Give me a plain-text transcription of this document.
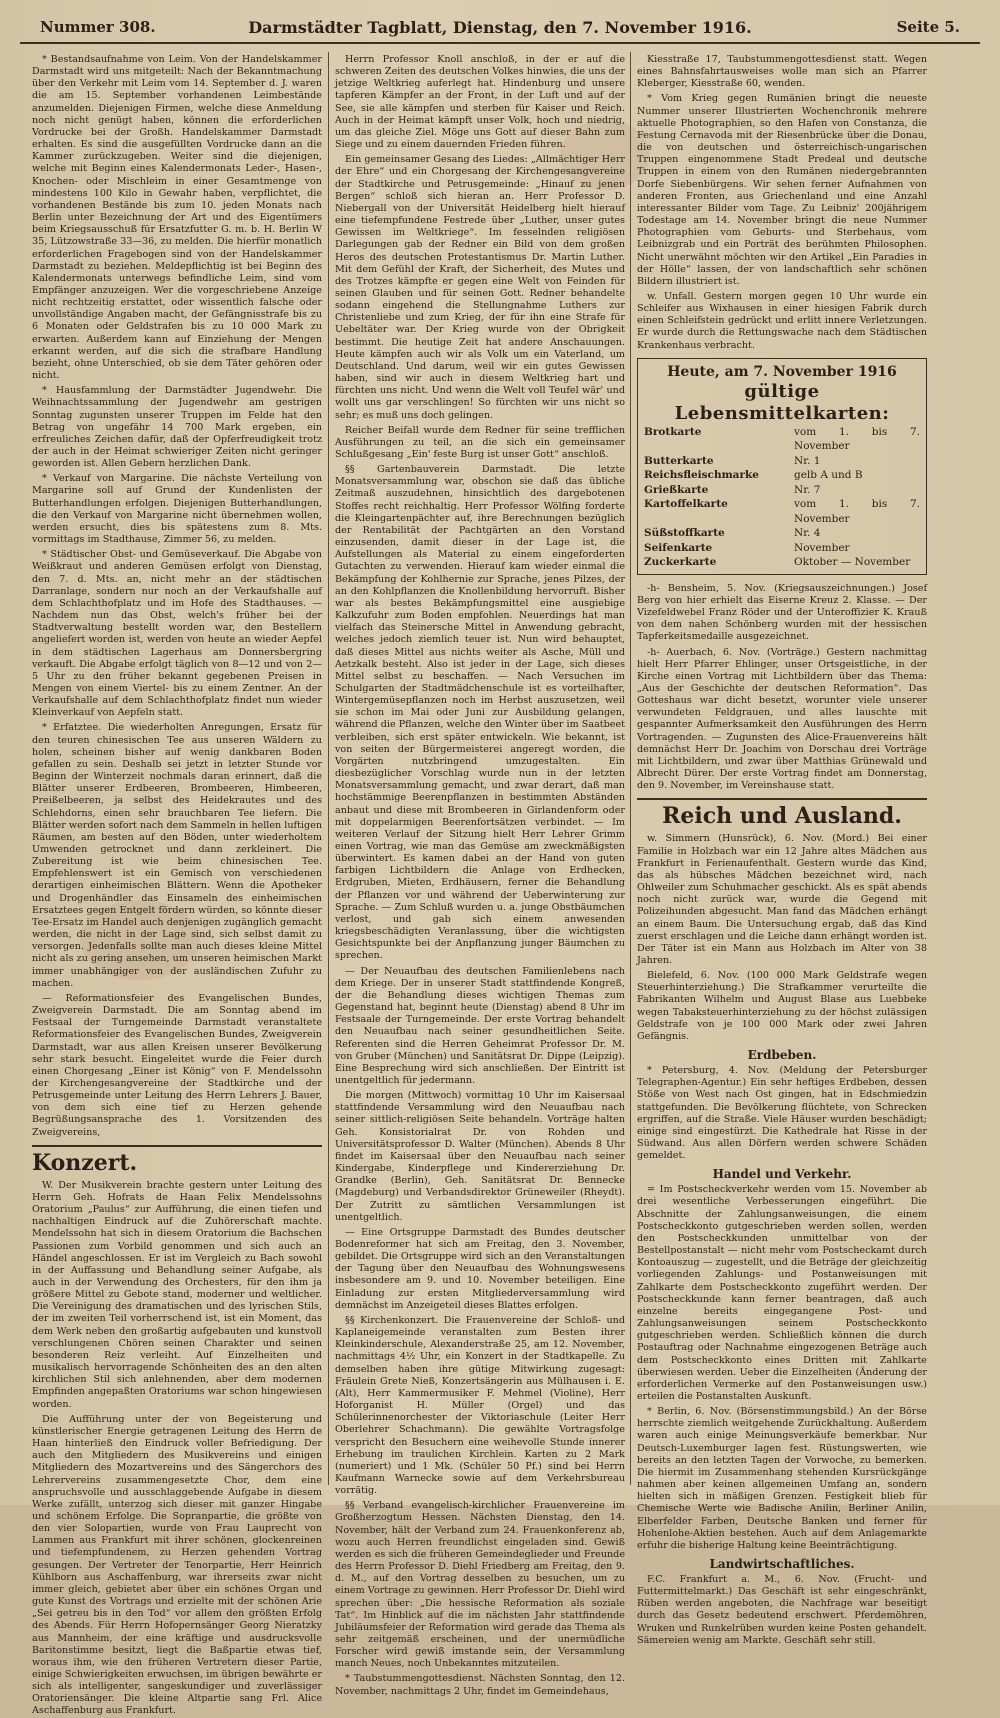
Nummer 308.	Darmstädter Tagblatt, Dienstag, den 7. November 1916.	Seite 5.

* Bestandsaufnahme von Leim. Von der Handelskammer Darmstadt wird uns mitgeteilt: Nach der Bekanntmachung über den Verkehr mit Leim vom 14. September d. J. waren die am 15. September vorhandenen Leimbestände anzumelden. Diejenigen Firmen, welche diese Anmeldung noch nicht genügt haben, können die erforderlichen Vordrucke bei der Großh. Handelskammer Darmstadt erhalten. Es sind die ausgefüllten Vordrucke dann an die Kammer zurückzugeben. Weiter sind die diejenigen, welche mit Beginn eines Kalendermonats Leder-, Hasen-, Knochen- oder Mischleim in einer Gesamtmenge von mindestens 100 Kilo in Gewahr haben, verpflichtet, die vorhandenen Bestände bis zum 10. jeden Monats nach Berlin unter Bezeichnung der Art und des Eigentümers beim Kriegsausschuß für Ersatzfutter G. m. b. H. Berlin W 35, Lützowstraße 33—36, zu melden. Die hierfür monatlich erforderlichen Fragebogen sind von der Handelskammer Darmstadt zu beziehen. Meldepflichtig ist bei Beginn des Kalendermonats unterwegs befindliche Leim, sind vom Empfänger anzuzeigen. Wer die vorgeschriebene Anzeige nicht rechtzeitig erstattet, oder wissentlich falsche oder unvollständige Angaben macht, der Gefängnisstrafe bis zu 6 Monaten oder Geldstrafen bis zu 10 000 Mark zu erwarten. Außerdem kann auf Einziehung der Mengen erkannt werden, auf die sich die strafbare Handlung bezieht, ohne Unterschied, ob sie dem Täter gehören oder nicht.

* Hausfammlung der Darmstädter Jugendwehr. Die Weihnachtssammlung der Jugendwehr am gestrigen Sonntag zugunsten unserer Truppen im Felde hat den Betrag von ungefähr 14 700 Mark ergeben, ein erfreuliches Zeichen dafür, daß der Opferfreudigkeit trotz der auch in der Heimat schwieriger Zeiten nicht geringer geworden ist. Allen Gebern herzlichen Dank.

* Verkauf von Margarine. Die nächste Verteilung von Margarine soll auf Grund der Kundenlisten der Butterhandlungen erfolgen. Diejenigen Butterhandlungen, die den Verkauf von Margarine nicht übernehmen wollen, werden ersucht, dies bis spätestens zum 8. Mts. vormittags im Stadthause, Zimmer 56, zu melden.

* Städtischer Obst- und Gemüseverkauf. Die Abgabe von Weißkraut und anderen Gemüsen erfolgt von Dienstag, den 7. d. Mts. an, nicht mehr an der städtischen Darranlage, sondern nur noch an der Verkaufshalle auf dem Schlachthofplatz und im Hofe des Stadthauses. — Nachdem nun das Obst, welch's früher bei der Stadtverwaltung bestellt worden war, den Bestellern angeliefert worden ist, werden von heute an wieder Aepfel in dem städtischen Lagerhaus am Donnersbergring verkauft. Die Abgabe erfolgt täglich von 8—12 und von 2—5 Uhr zu den früher bekannt gegebenen Preisen in Mengen von einem Viertel- bis zu einem Zentner. An der Verkaufshalle auf dem Schlachthofplatz findet nun wieder Kleinverkauf von Aepfeln statt.

* Erfatztee. Die wiederholten Anregungen, Ersatz für den teuren chinesischen Tee aus unseren Wäldern zu holen, scheinen bisher auf wenig dankbaren Boden gefallen zu sein. Deshalb sei jetzt in letzter Stunde vor Beginn der Winterzeit nochmals daran erinnert, daß die Blätter unserer Erdbeeren, Brombeeren, Himbeeren, Preißelbeeren, ja selbst des Heidekrautes und des Schlehdorns, einen sehr brauchbaren Tee liefern. Die Blätter werden sofort nach dem Sammeln in hellen luftigen Räumen, am besten auf den Böden, unter wiederholtem Umwenden getrocknet und dann zerkleinert. Die Zubereitung ist wie beim chinesischen Tee. Empfehlenswert ist ein Gemisch von verschiedenen derartigen einheimischen Blättern. Wenn die Apotheker und Drogenhändler das Einsameln des einheimischen Ersatztees gegen Entgelt fördern würden, so könnte dieser Tee-Ersatz im Handel auch denjenigen zugänglich gemacht werden, die nicht in der Lage sind, sich selbst damit zu versorgen. Jedenfalls sollte man auch dieses kleine Mittel nicht als zu gering ansehen, um unseren heimischen Markt immer unabhängiger von der ausländischen Zufuhr zu machen.

— Reformationsfeier des Evangelischen Bundes, Zweigverein Darmstadt. Die am Sonntag abend im Festsaal der Turngemeinde Darmstadt veranstaltete Reformationsfeier des Evangelischen Bundes, Zweigverein Darmstadt, war aus allen Kreisen unserer Bevölkerung sehr stark besucht. Eingeleitet wurde die Feier durch einen Chorgesang „Einer ist König“ von F. Mendelssohn der Kirchengesangvereine der Stadtkirche und der Petrusgemeinde unter Leitung des Herrn Lehrers J. Bauer, von dem sich eine tief zu Herzen gehende Begrüßungsansprache des 1. Vorsitzenden des Zweigvereins,

Konzert.

W. Der Musikverein brachte gestern unter Leitung des Herrn Geh. Hofrats de Haan Felix Mendelssohns Oratorium „Paulus“ zur Aufführung, die einen tiefen und nachhaltigen Eindruck auf die Zuhörerschaft machte. Mendelssohn hat sich in diesem Oratorium die Bachschen Passionen zum Vorbild genommen und sich auch an Händel angeschlossen. Er ist im Vergleich zu Bach sowohl in der Auffassung und Behandlung seiner Aufgabe, als auch in der Verwendung des Orchesters, für den ihm ja größere Mittel zu Gebote stand, moderner und weltlicher. Die Vereinigung des dramatischen und des lyrischen Stils, der im zweiten Teil vorherrschend ist, ist ein Moment, das dem Werk neben den großartig aufgebauten und kunstvoll verschlungenen Chören seinen Charakter und seinen besonderen Reiz verleiht. Auf Einzelheiten und musikalisch hervorragende Schönheiten des an den alten kirchlichen Stil sich anlehnenden, aber dem modernen Empfinden angepaßten Oratoriums war schon hingewiesen worden.

Die Aufführung unter der von Begeisterung und künstlerischer Energie getragenen Leitung des Herrn de Haan hinterließ den Eindruck voller Befriedigung. Der auch den Mitgliedern des Musikvereins und einigen Mitgliedern des Mozartvereins und des Sängerchors des Lehrervereins zusammengesetzte Chor, dem eine anspruchsvolle und ausschlaggebende Aufgabe in diesem Werke zufällt, unterzog sich dieser mit ganzer Hingabe und schönem Erfolge. Die Sopranpartie, die größte von den vier Solopartien, wurde von Frau Lauprecht von Lammen aus Frankfurt mit ihrer schönen, glockenreinen und tiefempfundenem, zu Herzen gehenden Vortrag gesungen. Der Vertreter der Tenorpartie, Herr Heinrich Kühlborn aus Aschaffenburg, war ihrerseits zwar nicht immer gleich, gebietet aber über ein schönes Organ und gute Kunst des Vortrags und erzielte mit der schönen Arie „Sei getreu bis in den Tod“ vor allem den größten Erfolg des Abends. Für Herrn Hofopernsänger Georg Nieratzky aus Mannheim, der eine kräftige und ausdrucksvolle Baritonstimme besitzt, liegt die Baßpartie etwas tief, woraus ihm, wie den früheren Vertretern dieser Partie, einige Schwierigkeiten erwuchsen, im übrigen bewährte er sich als intelligenter, sangeskundiger und zuverlässiger Oratoriensänger. Die kleine Altpartie sang Frl. Alice Aschaffenburg aus Frankfurt.

Herrn Professor Knoll anschloß, in der er auf die schweren Zeiten des deutschen Volkes hinwies, die uns der jetzige Weltkrieg auferlegt hat. Hindenburg und unsere tapferen Kämpfer an der Front, in der Luft und auf der See, sie alle kämpfen und sterben für Kaiser und Reich. Auch in der Heimat kämpft unser Volk, hoch und niedrig, um das gleiche Ziel. Möge uns Gott auf dieser Bahn zum Siege und zu einem dauernden Frieden führen.

Ein gemeinsamer Gesang des Liedes: „Allmächtiger Herr der Ehre“ und ein Chorgesang der Kirchengesangvereine der Stadtkirche und Petrusgemeinde: „Hinauf zu jenen Bergen“ schloß sich hieran an. Herr Professor D. Niebergall von der Universität Heidelberg hielt hierauf eine tiefempfundene Festrede über „Luther, unser gutes Gewissen im Weltkriege“. Im fesselnden religiösen Darlegungen gab der Redner ein Bild von dem großen Heros des deutschen Protestantismus Dr. Martin Luther. Mit dem Gefühl der Kraft, der Sicherheit, des Mutes und des Trotzes kämpfte er gegen eine Welt von Feinden für seinen Glauben und für seinen Gott. Redner behandelte sodann eingehend die Stellungnahme Luthers zur Christenliebe und zum Krieg, der für ihn eine Strafe für Uebeltäter war. Der Krieg wurde von der Obrigkeit bestimmt. Die heutige Zeit hat andere Anschauungen. Heute kämpfen auch wir als Volk um ein Vaterland, um Deutschland. Und darum, weil wir ein gutes Gewissen haben, sind wir auch in diesem Weltkrieg hart und fürchten uns nicht. Und wenn die Welt voll Teufel wär' und wollt uns gar verschlingen! So fürchten wir uns nicht so sehr; es muß uns doch gelingen.

Reicher Beifall wurde dem Redner für seine trefflichen Ausführungen zu teil, an die sich ein gemeinsamer Schlußgesang „Ein' feste Burg ist unser Gott“ anschloß.

§§ Gartenbauverein Darmstadt. Die letzte Monatsversammlung war, obschon sie daß das übliche Zeitmaß auszudehnen, hinsichtlich des dargebotenen Stoffes recht reichhaltig. Herr Professor Wölfing forderte die Kleingartenpächter auf, ihre Berechnungen bezüglich der Rentabilität der Pachtgärten an den Vorstand einzusenden, damit dieser in der Lage ist, die Aufstellungen als Material zu einem eingeforderten Gutachten zu verwenden. Hierauf kam wieder einmal die Bekämpfung der Kohlhernie zur Sprache, jenes Pilzes, der an den Kohlpflanzen die Knollenbildung hervorruft. Bisher war als bestes Bekämpfungsmittel eine ausgiebige Kalkzufuhr zum Boden empfohlen. Neuerdings hat man vielfach das Steinersche Mittel in Anwendung gebracht, welches jedoch ziemlich teuer ist. Nun wird behauptet, daß dieses Mittel aus nichts weiter als Asche, Müll und Aetzkalk besteht. Also ist jeder in der Lage, sich dieses Mittel selbst zu beschaffen. — Nach Versuchen im Schulgarten der Stadtmädchenschule ist es vorteilhafter, Wintergemüsepflanzen noch im Herbst auszusetzen, weil sie schon im Mai oder Juni zur Ausbildung gelangen, während die Pflanzen, welche den Winter über im Saatbeet verbleiben, sich erst später entwickeln. Wie bekannt, ist von seiten der Bürgermeisterei angeregt worden, die Vorgärten nutzbringend umzugestalten. Ein diesbezüglicher Vorschlag wurde nun in der letzten Monatsversammlung gemacht, und zwar derart, daß man hochstämmige Beerenpflanzen in bestimmten Abständen anbaut und diese mit Brombeeren in Girlandenform oder mit doppelarmigen Beerenfortsätzen verbindet. — Im weiteren Verlauf der Sitzung hielt Herr Lehrer Grimm einen Vortrag, wie man das Gemüse am zweckmäßigsten überwintert. Es kamen dabei an der Hand von guten farbigen Lichtbildern die Anlage von Erdhecken, Erdgruben, Mieten, Erdhäusern, ferner die Behandlung der Pflanzen vor und während der Ueberwinterung zur Sprache. — Zum Schluß wurden u. a. junge Obstbäumchen verlost, und gab sich einem anwesenden kriegsbeschädigten Veranlassung, über die wichtigsten Gesichtspunkte bei der Anpflanzung junger Bäumchen zu sprechen.

— Der Neuaufbau des deutschen Familienlebens nach dem Kriege. Der in unserer Stadt stattfindende Kongreß, der die Behandlung dieses wichtigen Themas zum Gegenstand hat, beginnt heute (Dienstag) abend 8 Uhr im Festsaale der Turngemeinde. Der erste Vortrag behandelt den Neuaufbau nach seiner gesundheitlichen Seite. Referenten sind die Herren Geheimrat Professor Dr. M. von Gruber (München) und Sanitätsrat Dr. Dippe (Leipzig). Eine Besprechung wird sich anschließen. Der Eintritt ist unentgeltlich für jedermann.

Die morgen (Mittwoch) vormittag 10 Uhr im Kaisersaal stattfindende Versammlung wird den Neuaufbau nach seiner sittlich-religiösen Seite behandeln. Vorträge halten Geh. Konsistorialrat Dr. von Rohden und Universitätsprofessor D. Walter (München). Abends 8 Uhr findet im Kaisersaal über den Neuaufbau nach seiner Kindergabe, Kinderpflege und Kindererziehung Dr. Grandke (Berlin), Geh. Sanitätsrat Dr. Bennecke (Magdeburg) und Verbandsdirektor Grüneweiler (Rheydt). Der Zutritt zu sämtlichen Versammlungen ist unentgeltlich.

— Eine Ortsgruppe Darmstadt des Bundes deutscher Bodenreformer hat sich am Freitag, den 3. November, gebildet. Die Ortsgruppe wird sich an den Veranstaltungen der Tagung über den Neuaufbau des Wohnungswesens insbesondere am 9. und 10. November beteiligen. Eine Einladung zur ersten Mitgliederversammlung wird demnächst im Anzeigeteil dieses Blattes erfolgen.

§§ Kirchenkonzert. Die Frauenvereine der Schloß- und Kaplaneigemeinde veranstalten zum Besten ihrer Kleinkinderschule, Alexanderstraße 25, am 12. November, nachmittags 4½ Uhr, ein Konzert in der Stadtkapelle. Zu demselben haben ihre gütige Mitwirkung zugesagt: Fräulein Grete Nieß, Konzertsängerin aus Mülhausen i. E. (Alt), Herr Kammermusiker F. Mehmel (Violine), Herr Hoforganist H. Müller (Orgel) und das Schülerinnenorchester der Viktoriaschule (Leiter Herr Oberlehrer Schachmann). Die gewählte Vortragsfolge verspricht den Besuchern eine weihevolle Stunde innerer Erhebung im traulichen Kirchlein. Karten zu 2 Mark (numeriert) und 1 Mk. (Schüler 50 Pf.) sind bei Herrn Kaufmann Warnecke sowie auf dem Verkehrsbureau vorrätig.

§§ Verband evangelisch-kirchlicher Frauenvereine im Großherzogtum Hessen. Nächsten Dienstag, den 14. November, hält der Verband zum 24. Frauenkonferenz ab, wozu auch Herren freundlichst eingeladen sind. Gewiß werden es sich die früheren Gemeindeglieder und Freunde des Herrn Professor D. Diehl Friedberg am Freitag, den 9. d. M., auf den Vortrag desselben zu besuchen, um zu einem Vortrage zu gewinnen. Herr Professor Dr. Diehl wird sprechen über: „Die hessische Reformation als soziale Tat“. Im Hinblick auf die im nächsten Jahr stattfindende Jubiläumsfeier der Reformation wird gerade das Thema als sehr zeitgemäß erscheinen, und der unermüdliche Forscher wird gewiß imstande sein, der Versammlung manch Neues, noch Unbekanntes mitzuteilen.

* Taubstummengottesdienst. Nächsten Sonntag, den 12. November, nachmittags 2 Uhr, findet im Gemeindehaus,

Kiesstraße 17, Taubstummengottesdienst statt. Wegen eines Bahnsfahrtausweises wolle man sich an Pfarrer Kleberger, Kiesstraße 60, wenden.

* Vom Krieg gegen Rumänien bringt die neueste Nummer unserer Illustrierten Wochenchronik mehrere aktuelle Photographien, so den Hafen von Constanza, die Festung Cernavoda mit der Riesenbrücke über die Donau, die von deutschen und österreichisch-ungarischen Truppen eingenommene Stadt Predeal und deutsche Truppen in einem von den Rumänen niedergebrannten Dorfe Siebenbürgens. Wir sehen ferner Aufnahmen von anderen Fronten, aus Griechenland und eine Anzahl interessanter Bilder vom Tage. Zu Leibniz' 200jährigem Todestage am 14. November bringt die neue Nummer Photographien vom Geburts- und Sterbehaus, vom Leibnizgrab und ein Porträt des berühmten Philosophen. Nicht unerwähnt möchten wir den Artikel „Ein Paradies in der Hölle“ lassen, der von landschaftlich sehr schönen Bildern illustriert ist.

w. Unfall. Gestern morgen gegen 10 Uhr wurde ein Schleifer aus Wixhausen in einer hiesigen Fabrik durch einen Schleifstein gedrückt und erlitt innere Verletzungen. Er wurde durch die Rettungswache nach dem Städtischen Krankenhaus verbracht.

Heute, am 7. November 1916
gültige Lebensmittelkarten:
Brotkarte	vom 1. bis 7. November
Butterkarte	Nr. 1
Reichsfleischmarke	gelb A und B
Grießkarte	Nr. 7
Kartoffelkarte	vom 1. bis 7. November
Süßstoffkarte	Nr. 4
Seifenkarte	November
Zuckerkarte	Oktober — November

-h- Bensheim, 5. Nov. (Kriegsauszeichnungen.) Josef Berg von hier erhielt das Eiserne Kreuz 2. Klasse. — Der Vizefeldwebel Franz Röder und der Unteroffizier K. Krauß von dem nahen Schönberg wurden mit der hessischen Tapferkeitsmedaille ausgezeichnet.

-h- Auerbach, 6. Nov. (Vorträge.) Gestern nachmittag hielt Herr Pfarrer Ehlinger, unser Ortsgeistliche, in der Kirche einen Vortrag mit Lichtbildern über das Thema: „Aus der Geschichte der deutschen Reformation“. Das Gotteshaus war dicht besetzt, worunter viele unserer verwundeten Feldgrauen, und alles lauschte mit gespannter Aufmerksamkeit den Ausführungen des Herrn Vortragenden. — Zugunsten des Alice-Frauenvereins hält demnächst Herr Dr. Joachim von Dorschau drei Vorträge mit Lichtbildern, und zwar über Matthias Grünewald und Albrecht Dürer. Der erste Vortrag findet am Donnerstag, den 9. November, im Vereinshause statt.

Reich und Ausland.

w. Simmern (Hunsrück), 6. Nov. (Mord.) Bei einer Familie in Holzbach war ein 12 Jahre altes Mädchen aus Frankfurt in Ferienaufenthalt. Gestern wurde das Kind, das als hübsches Mädchen bezeichnet wird, nach Ohlweiler zum Schuhmacher geschickt. Als es spät abends noch nicht zurück war, wurde die Gegend mit Polizeihunden abgesucht. Man fand das Mädchen erhängt an einem Baum. Die Untersuchung ergab, daß das Kind zuerst erschlagen und die Leiche dann erhängt worden ist. Der Täter ist ein Mann aus Holzbach im Alter von 38 Jahren.

Bielefeld, 6. Nov. (100 000 Mark Geldstrafe wegen Steuerhinterziehung.) Die Strafkammer verurteilte die Fabrikanten Wilhelm und August Blase aus Luebbeke wegen Tabaksteuerhinterziehung zu der höchst zulässigen Geldstrafe von je 100 000 Mark oder zwei Jahren Gefängnis.

Erdbeben.

* Petersburg, 4. Nov. (Meldung der Petersburger Telegraphen-Agentur.) Ein sehr heftiges Erdbeben, dessen Stöße von West nach Ost gingen, hat in Edschmiedzin stattgefunden. Die Bevölkerung flüchtete, von Schrecken ergriffen, auf die Straße. Viele Häuser wurden beschädigt; einige sind eingestürzt. Die Kathedrale hat Risse in der Südwand. Aus allen Dörfern werden schwere Schäden gemeldet.

Handel und Verkehr.

= Im Postscheckverkehr werden vom 15. November ab drei wesentliche Verbesserungen eingeführt. Die Abschnitte der Zahlungsanweisungen, die einem Postscheckkonto gutgeschrieben werden sollen, werden den Postscheckkunden unmittelbar von der Bestellpostanstalt — nicht mehr vom Postscheckamt durch Kontoauszug — zugestellt, und die Beträge der gleichzeitig vorliegenden Zahlungs- und Postanweisungen mit Zahlkarte dem Postscheckkonto zugeführt werden. Der Postscheckkunde kann ferner beantragen, daß auch einzelne bereits eingegangene Post- und Zahlungsanweisungen seinem Postscheckkonto gutgeschrieben werden. Schließlich können die durch Postauftrag oder Nachnahme eingezogenen Beträge auch dem Postscheckkonto eines Dritten mit Zahlkarte überwiesen werden. Ueber die Einzelheiten (Änderung der erforderlichen Vermerke auf den Postanweisungen usw.) erteilen die Postanstalten Auskunft.

* Berlin, 6. Nov. (Börsenstimmungsbild.) An der Börse herrschte ziemlich weitgehende Zurückhaltung. Außerdem waren auch einige Meinungsverkäufe bemerkbar. Nur Deutsch-Luxemburger lagen fest. Rüstungswerten, wie bereits an den letzten Tagen der Vorwoche, zu bemerken. Die hiermit im Zusammenhang stehenden Kursrückgänge nahmen aber keinen allgemeinen Umfang an, sondern hielten sich in mäßigen Grenzen. Festigkeit blieb für Chemische Werte wie Badische Anilin, Berliner Anilin, Elberfelder Farben, Deutsche Banken und ferner für Hohenlohe-Aktien bestehen. Auch auf dem Anlagemarkte erfuhr die bisherige Haltung keine Beeinträchtigung.

Landwirtschaftliches.

F.C. Frankfurt a. M., 6. Nov. (Frucht- und Futtermittelmarkt.) Das Geschäft ist sehr eingeschränkt, Rüben werden angeboten, die Nachfrage war beseitigt durch das Gesetz bedeutend erschwert. Pferdemöhren, Wruken und Runkelrüben wurden keine Posten gehandelt. Sämereien wenig am Markte. Geschäft sehr still.
